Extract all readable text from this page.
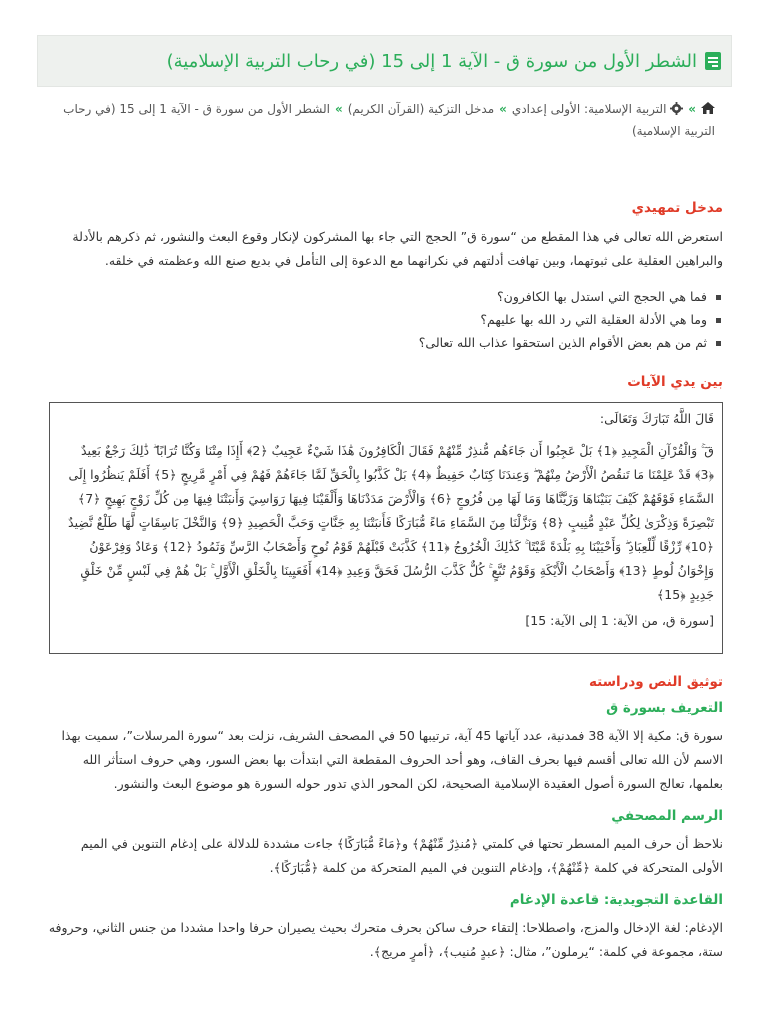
الشطر الأول من سورة ق - الآية 1 إلى 15 (في رحاب التربية الإسلامية)
» التربية الإسلامية: الأولى إعدادي»مدخل التزكية (القرآن الكريم)»الشطر الأول من سورة ق - الآية 1 إلى 15 (في رحاب التربية الإسلامية)
مدخل تمهيدي

استعرض الله تعالى في هذا المقطع من “سورة ق” الحجج التي جاء بها المشركون لإنكار وقوع البعث والنشور، ثم ذكرهم بالأدلة والبراهين العقلية على ثبوتهما، وبين تهافت أدلتهم في نكرانهما مع الدعوة إلى التأمل في بديع صنع الله وعظمته في خلقه.

فما هي الحجج التي استدل بها الكافرون؟
وما هي الأدلة العقلية التي رد الله بها عليهم؟
ثم من هم بعض الأقوام الذين استحقوا عذاب الله تعالى؟
بين يدي الآيات

قَالَ اللَّهُ تَبَارَكَ وَتَعَالَى:

قٓ ۚ وَالْقُرْآنِ الْمَجِيدِ ﴿1﴾ بَلْ عَجِبُوا أَن جَاءَهُم مُّنذِرٌ مِّنْهُمْ فَقَالَ الْكَافِرُونَ هَٰذَا شَيْءٌ عَجِيبٌ ﴿2﴾ أَإِذَا مِتْنَا وَكُنَّا تُرَابًا ۖ ذَٰلِكَ رَجْعٌ بَعِيدٌ ﴿3﴾ قَدْ عَلِمْنَا مَا تَنقُصُ الْأَرْضُ مِنْهُمْ ۖ وَعِندَنَا كِتَابٌ حَفِيظٌ ﴿4﴾ بَلْ كَذَّبُوا بِالْحَقِّ لَمَّا جَاءَهُمْ فَهُمْ فِي أَمْرٍ مَّرِيجٍ ﴿5﴾ أَفَلَمْ يَنظُرُوا إِلَى السَّمَاءِ فَوْقَهُمْ كَيْفَ بَنَيْنَاهَا وَزَيَّنَّاهَا وَمَا لَهَا مِن فُرُوجٍ ﴿6﴾ وَالْأَرْضَ مَدَدْنَاهَا وَأَلْقَيْنَا فِيهَا رَوَاسِيَ وَأَنبَتْنَا فِيهَا مِن كُلِّ زَوْجٍ بَهِيجٍ ﴿7﴾ تَبْصِرَةً وَذِكْرَىٰ لِكُلِّ عَبْدٍ مُّنِيبٍ ﴿8﴾ وَنَزَّلْنَا مِنَ السَّمَاءِ مَاءً مُّبَارَكًا فَأَنبَتْنَا بِهِ جَنَّاتٍ وَحَبَّ الْحَصِيدِ ﴿9﴾ وَالنَّخْلَ بَاسِقَاتٍ لَّهَا طَلْعٌ نَّضِيدٌ ﴿10﴾ رِّزْقًا لِّلْعِبَادِ ۖ وَأَحْيَيْنَا بِهِ بَلْدَةً مَّيْتًا ۚ كَذَٰلِكَ الْخُرُوجُ ﴿11﴾ كَذَّبَتْ قَبْلَهُمْ قَوْمُ نُوحٍ وَأَصْحَابُ الرَّسِّ وَثَمُودُ ﴿12﴾ وَعَادٌ وَفِرْعَوْنُ وَإِخْوَانُ لُوطٍ ﴿13﴾ وَأَصْحَابُ الْأَيْكَةِ وَقَوْمُ تُبَّعٍ ۚ كُلٌّ كَذَّبَ الرُّسُلَ فَحَقَّ وَعِيدِ ﴿14﴾ أَفَعَيِينَا بِالْخَلْقِ الْأَوَّلِ ۚ بَلْ هُمْ فِي لَبْسٍ مِّنْ خَلْقٍ جَدِيدٍ ﴿15﴾

[سورة ق، من الآية: 1 إلى الآية: 15]

توثيق النص ودراسته
التعريف بسورة ق

سورة ق: مكية إلا الآية 38 فمدنية، عدد آياتها 45 آية، ترتيبها 50 في المصحف الشريف، نزلت بعد “سورة المرسلات”، سميت بهذا الاسم لأن الله تعالى أقسم فيها بحرف القاف، وهو أحد الحروف المقطعة التي ابتدأت بها بعض السور، وهي حروف استأثر الله بعلمها، تعالج السورة أصول العقيدة الإسلامية الصحيحة، لكن المحور الذي تدور حوله السورة هو موضوع البعث والنشور.

الرسم المصحفي

نلاحظ أن حرف الميم المسطر تحتها في كلمتي ﴿مُنذِرٌ مِّنْهُمْ﴾ و﴿مَاءً مُّبَارَكًا﴾ جاءت مشددة للدلالة على إدغام التنوين في الميم الأولى المتحركة في كلمة ﴿مِّنْهُمْ﴾، وإدغام التنوين في الميم المتحركة من كلمة ﴿مُّبَارَكًا﴾.

القاعدة التجويدية: قاعدة الإدغام

الإدغام: لغة الإدخال والمزج، واصطلاحا: إلتقاء حرف ساكن بحرف متحرك بحيث يصيران حرفا واحدا مشددا من جنس الثاني، وحروفه ستة، مجموعة في كلمة: “يرملون”، مثال: ﴿عبدٍ مُنيب﴾، ﴿أمرٍ مريج﴾.
